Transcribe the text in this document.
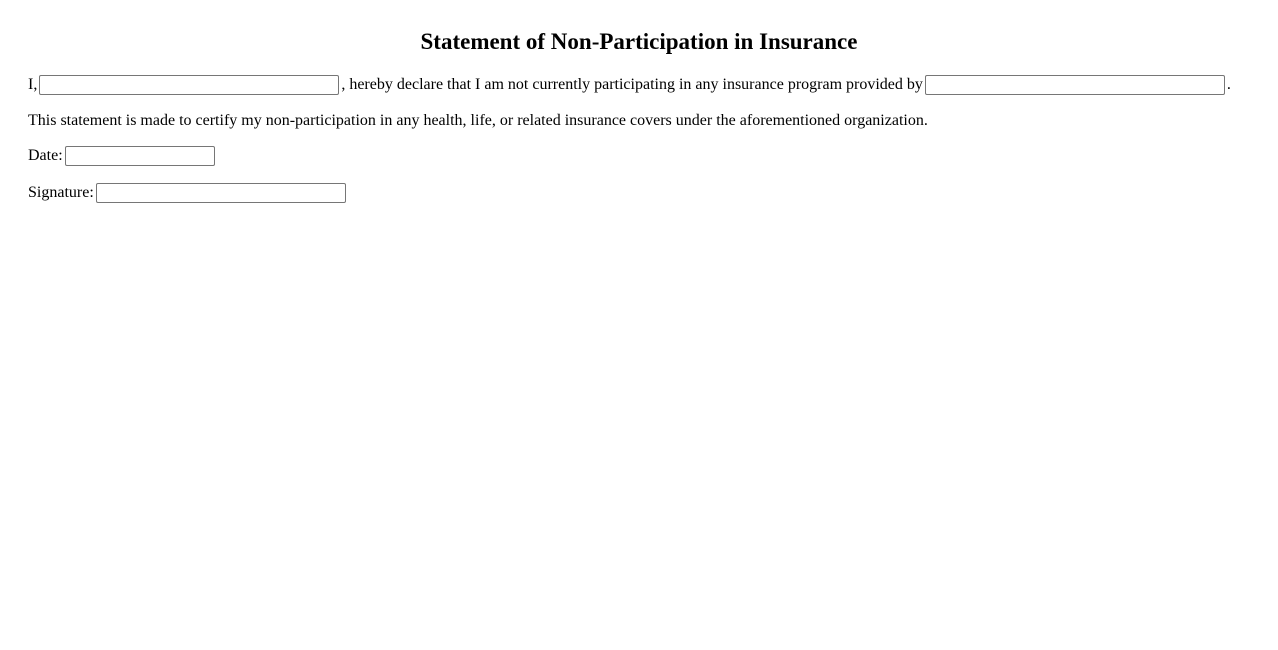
Statement of Non-Participation in Insurance

I,	, hereby declare that I am not currently participating in any insurance program provided by	.

This statement is made to certify my non-participation in any health, life, or related insurance covers under the aforementioned organization.

Date:

Signature:
